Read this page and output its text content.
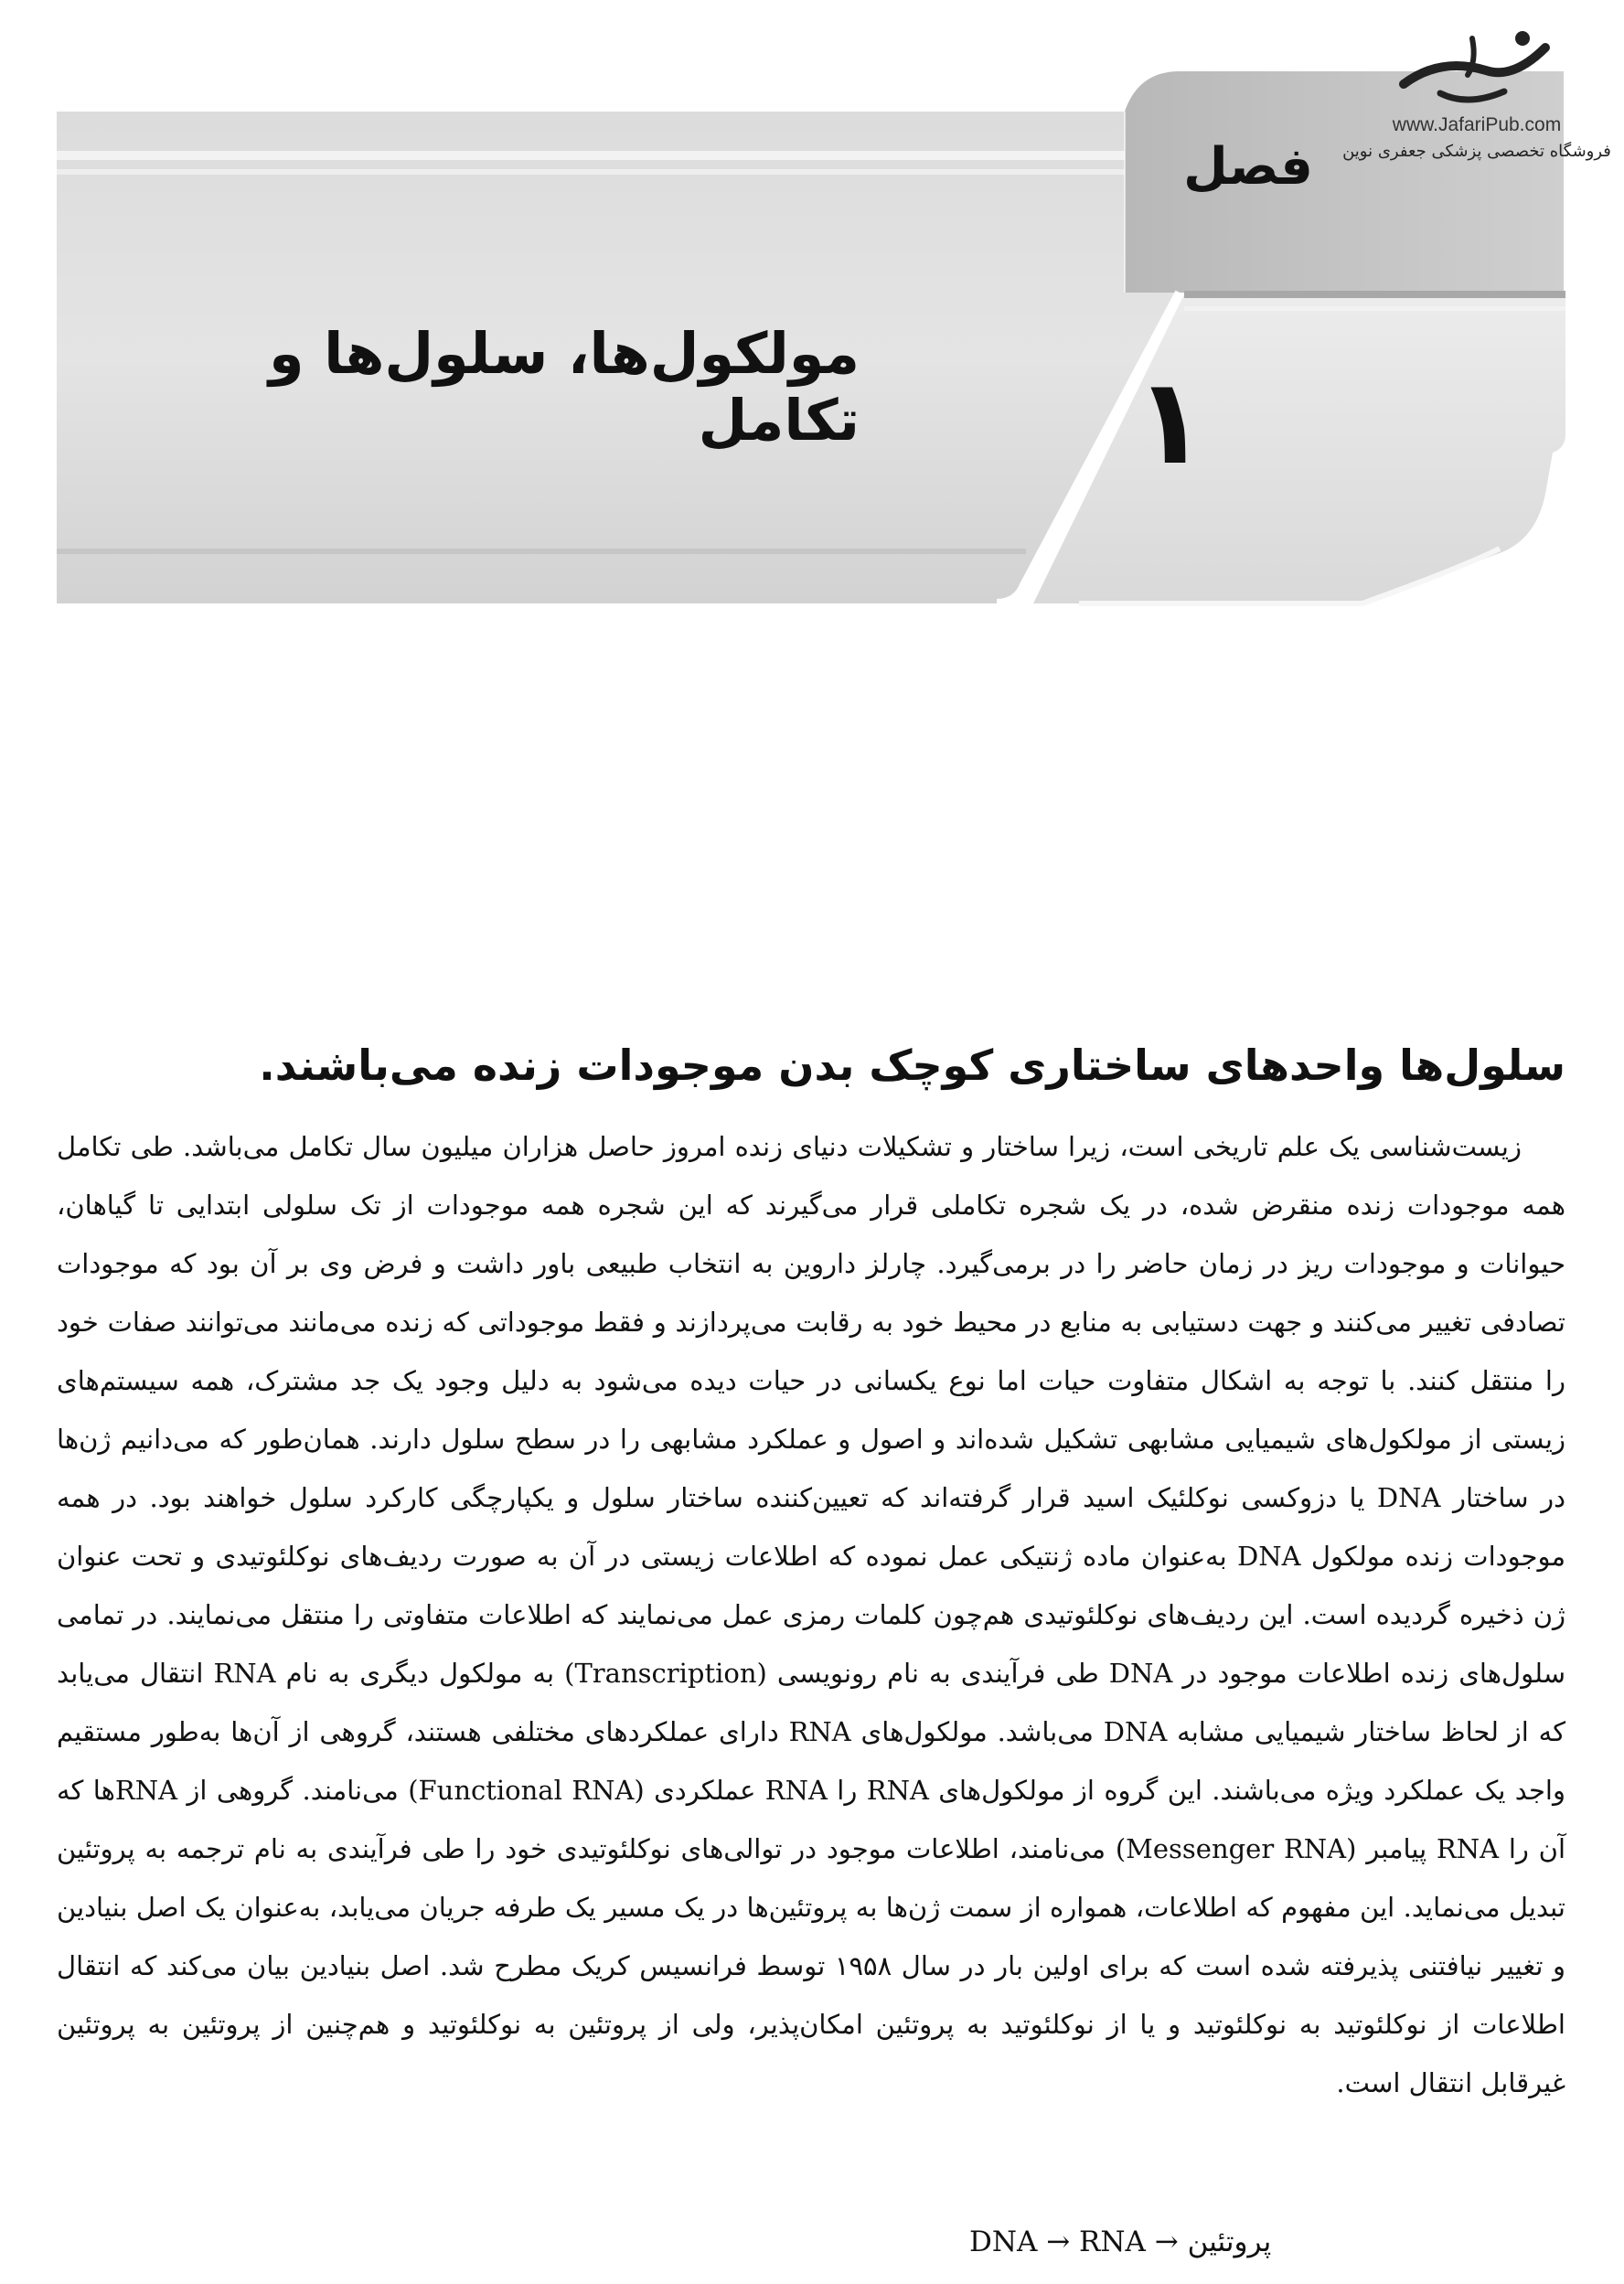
فصل
۱
مولکول‌ها، سلول‌ها و تکامل
www.JafariPub.com
فروشگاه تخصصی پزشکی جعفری نوین
سلول‌ها واحدهای ساختاری کوچک بدن موجودات زنده می‌باشند.

زیست‌شناسی یک علم تاریخی است، زیرا ساختار و تشکیلات دنیای زنده امروز حاصل هزاران میلیون سال تکامل می‌باشد. طی تکامل همه موجودات زنده منقرض شده، در یک شجره تکاملی قرار می‌گیرند که این شجره همه موجودات از تک سلولی ابتدایی تا گیاهان، حیوانات و موجودات ریز در زمان حاضر را در برمی‌گیرد. چارلز داروین به انتخاب طبیعی باور داشت و فرض وی بر آن بود که موجودات تصادفی تغییر می‌کنند و جهت دستیابی به منابع در محیط خود به رقابت می‌پردازند و فقط موجوداتی که زنده می‌مانند می‌توانند صفات خود را منتقل کنند. با توجه به اشکال متفاوت حیات اما نوع یکسانی در حیات دیده می‌شود به دلیل وجود یک جد مشترک، همه سیستم‌های زیستی از مولکول‌های شیمیایی مشابهی تشکیل شده‌اند و اصول و عملکرد مشابهی را در سطح سلول دارند. همان‌طور که می‌دانیم ژن‌ها در ساختار DNA یا دزوکسی نوکلئیک اسید قرار گرفته‌اند که تعیین‌کننده ساختار سلول و یکپارچگی کارکرد سلول خواهند بود. در همه موجودات زنده مولکول DNA به‌عنوان ماده ژنتیکی عمل نموده که اطلاعات زیستی در آن به صورت ردیف‌های نوکلئوتیدی و تحت عنوان ژن ذخیره گردیده است. این ردیف‌های نوکلئوتیدی هم‌چون کلمات رمزی عمل می‌نمایند که اطلاعات متفاوتی را منتقل می‌نمایند. در تمامی سلول‌های زنده اطلاعات موجود در DNA طی فرآیندی به نام رونویسی (Transcription) به مولکول دیگری به نام RNA انتقال می‌یابد که از لحاظ ساختار شیمیایی مشابه DNA می‌باشد. مولکول‌های RNA دارای عملکردهای مختلفی هستند، گروهی از آن‌ها به‌طور مستقیم واجد یک عملکرد ویژه می‌باشند. این گروه از مولکول‌های RNA را RNA عملکردی (Functional RNA) می‌نامند. گروهی از RNAها که آن را RNA پیامبر (Messenger RNA) می‌نامند، اطلاعات موجود در توالی‌های نوکلئوتیدی خود را طی فرآیندی به نام ترجمه به پروتئین تبدیل می‌نماید. این مفهوم که اطلاعات، همواره از سمت ژن‌ها به پروتئین‌ها در یک مسیر یک طرفه جریان می‌یابد، به‌عنوان یک اصل بنیادین و تغییر نیافتنی پذیرفته شده است که برای اولین بار در سال ۱۹۵۸ توسط فرانسیس کریک مطرح شد. اصل بنیادین بیان می‌کند که انتقال اطلاعات از نوکلئوتید به نوکلئوتید و یا از نوکلئوتید به پروتئین امکان‌پذیر، ولی از پروتئین به نوکلئوتید و هم‌چنین از پروتئین به پروتئین غیرقابل انتقال است.

DNA → RNA → پروتئین
